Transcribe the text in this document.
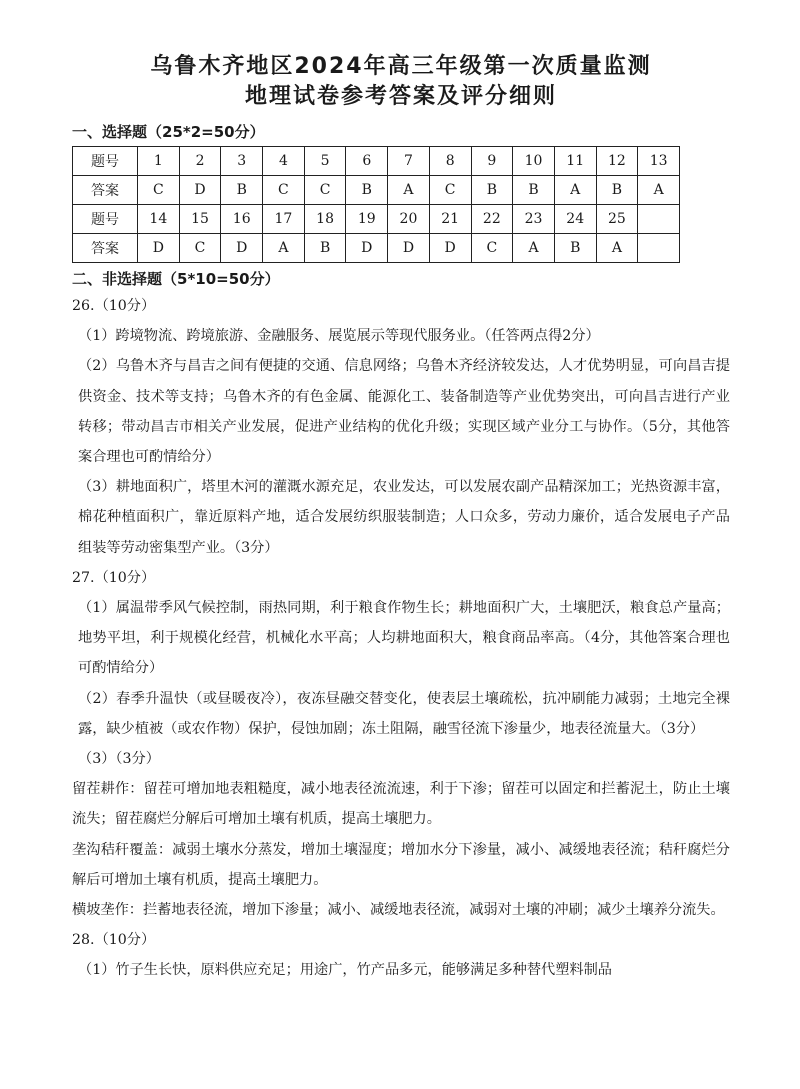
乌鲁木齐地区2024年高三年级第一次质量监测
地理试卷参考答案及评分细则
一、选择题（25*2=50分）
题号	1	2	3	4	5	6	7	8	9	10	11	12	13
答案	C	D	B	C	C	B	A	C	B	B	A	B	A
题号	14	15	16	17	18	19	20	21	22	23	24	25	
答案	D	C	D	A	B	D	D	D	C	A	B	A	
二、非选择题（5*10=50分）
26.（10分）
（1）跨境物流、跨境旅游、金融服务、展览展示等现代服务业。（任答两点得2分）
（2）乌鲁木齐与昌吉之间有便捷的交通、信息网络；乌鲁木齐经济较发达，人才优势明显，可向昌吉提供资金、技术等支持；乌鲁木齐的有色金属、能源化工、装备制造等产业优势突出，可向昌吉进行产业转移；带动昌吉市相关产业发展，促进产业结构的优化升级；实现区域产业分工与协作。（5分，其他答案合理也可酌情给分）
（3）耕地面积广，塔里木河的灌溉水源充足，农业发达，可以发展农副产品精深加工；光热资源丰富，棉花种植面积广，靠近原料产地，适合发展纺织服装制造；人口众多，劳动力廉价，适合发展电子产品组装等劳动密集型产业。（3分）
27.（10分）
（1）属温带季风气候控制，雨热同期，利于粮食作物生长；耕地面积广大，土壤肥沃，粮食总产量高；地势平坦，利于规模化经营，机械化水平高；人均耕地面积大，粮食商品率高。（4分，其他答案合理也可酌情给分）
（2）春季升温快（或昼暖夜冷），夜冻昼融交替变化，使表层土壤疏松，抗冲刷能力减弱；土地完全裸露，缺少植被（或农作物）保护，侵蚀加剧；冻土阻隔，融雪径流下渗量少，地表径流量大。（3分）
（3）（3分）
留茬耕作：留茬可增加地表粗糙度，减小地表径流流速，利于下渗；留茬可以固定和拦蓄泥土，防止土壤流失；留茬腐烂分解后可增加土壤有机质，提高土壤肥力。
垄沟秸秆覆盖：减弱土壤水分蒸发，增加土壤湿度；增加水分下渗量，减小、减缓地表径流；秸秆腐烂分解后可增加土壤有机质，提高土壤肥力。
横坡垄作：拦蓄地表径流，增加下渗量；减小、减缓地表径流，减弱对土壤的冲刷；减少土壤养分流失。
28.（10分）
（1）竹子生长快，原料供应充足；用途广，竹产品多元，能够满足多种替代塑料制品
